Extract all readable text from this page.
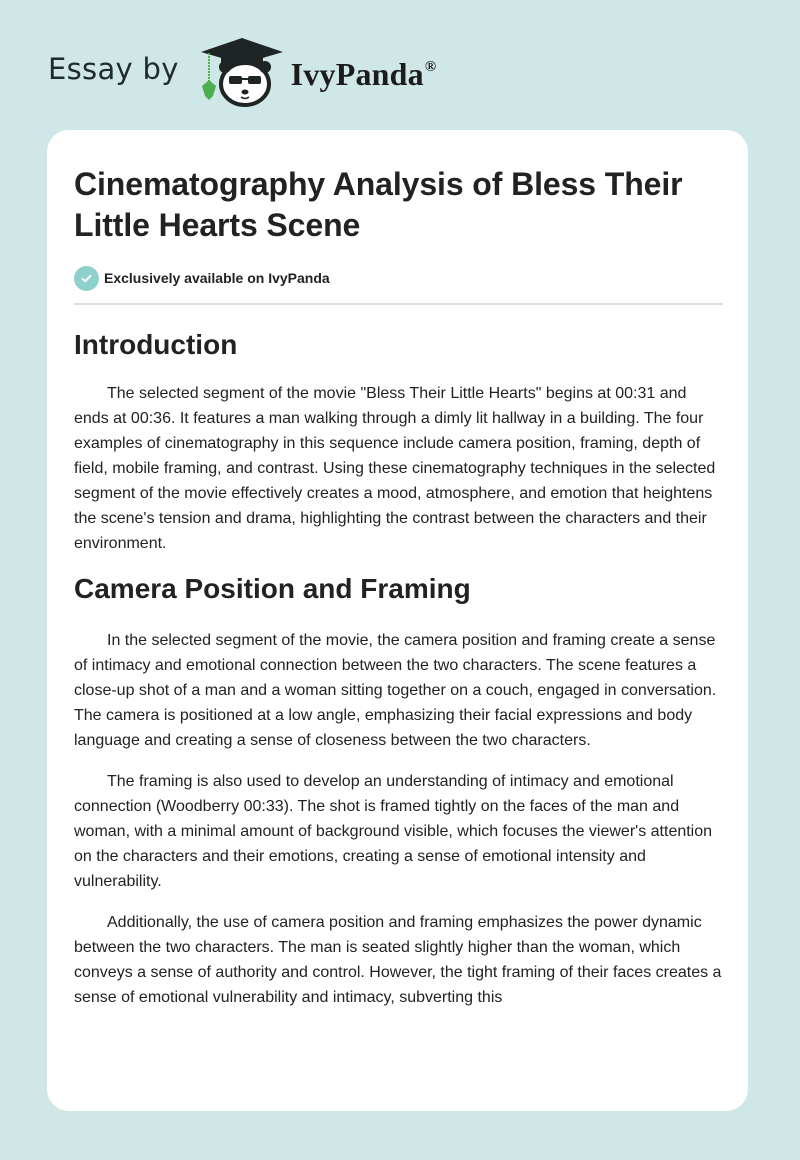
Essay by	IvyPanda®
Cinematography Analysis of Bless Their Little Hearts Scene
Exclusively available on IvyPanda
Introduction

The selected segment of the movie "Bless Their Little Hearts" begins at 00:31 and ends at 00:36. It features a man walking through a dimly lit hallway in a building. The four examples of cinematography in this sequence include camera position, framing, depth of field, mobile framing, and contrast. Using these cinematography techniques in the selected segment of the movie effectively creates a mood, atmosphere, and emotion that heightens the scene's tension and drama, highlighting the contrast between the characters and their environment.

Camera Position and Framing

In the selected segment of the movie, the camera position and framing create a sense of intimacy and emotional connection between the two characters. The scene features a close-up shot of a man and a woman sitting together on a couch, engaged in conversation. The camera is positioned at a low angle, emphasizing their facial expressions and body language and creating a sense of closeness between the two characters.

The framing is also used to develop an understanding of intimacy and emotional connection (Woodberry 00:33). The shot is framed tightly on the faces of the man and woman, with a minimal amount of background visible, which focuses the viewer's attention on the characters and their emotions, creating a sense of emotional intensity and vulnerability.

Additionally, the use of camera position and framing emphasizes the power dynamic between the two characters. The man is seated slightly higher than the woman, which conveys a sense of authority and control. However, the tight framing of their faces creates a sense of emotional vulnerability and intimacy, subverting this
